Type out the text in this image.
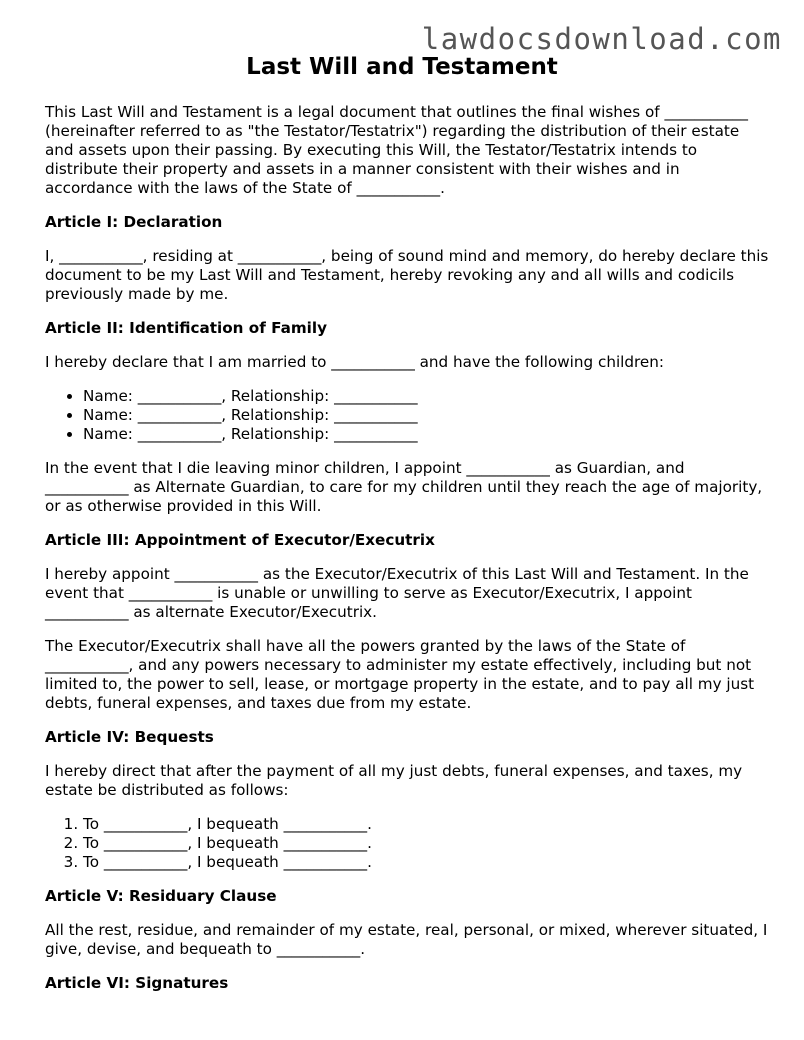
lawdocsdownload.com
Last Will and Testament

This Last Will and Testament is a legal document that outlines the final wishes of ___________ (hereinafter referred to as "the Testator/Testatrix") regarding the distribution of their estate and assets upon their passing. By executing this Will, the Testator/Testatrix intends to distribute their property and assets in a manner consistent with their wishes and in accordance with the laws of the State of ___________.

Article I: Declaration

I, ___________, residing at ___________, being of sound mind and memory, do hereby declare this document to be my Last Will and Testament, hereby revoking any and all wills and codicils previously made by me.

Article II: Identification of Family

I hereby declare that I am married to ___________ and have the following children:

• Name: ___________, Relationship: ___________
• Name: ___________, Relationship: ___________
• Name: ___________, Relationship: ___________

In the event that I die leaving minor children, I appoint ___________ as Guardian, and ___________ as Alternate Guardian, to care for my children until they reach the age of majority, or as otherwise provided in this Will.

Article III: Appointment of Executor/Executrix

I hereby appoint ___________ as the Executor/Executrix of this Last Will and Testament. In the event that ___________ is unable or unwilling to serve as Executor/Executrix, I appoint ___________ as alternate Executor/Executrix.

The Executor/Executrix shall have all the powers granted by the laws of the State of ___________, and any powers necessary to administer my estate effectively, including but not limited to, the power to sell, lease, or mortgage property in the estate, and to pay all my just debts, funeral expenses, and taxes due from my estate.

Article IV: Bequests

I hereby direct that after the payment of all my just debts, funeral expenses, and taxes, my estate be distributed as follows:

1. To ___________, I bequeath ___________.
2. To ___________, I bequeath ___________.
3. To ___________, I bequeath ___________.
Article V: Residuary Clause

All the rest, residue, and remainder of my estate, real, personal, or mixed, wherever situated, I give, devise, and bequeath to ___________.

Article VI: Signatures
